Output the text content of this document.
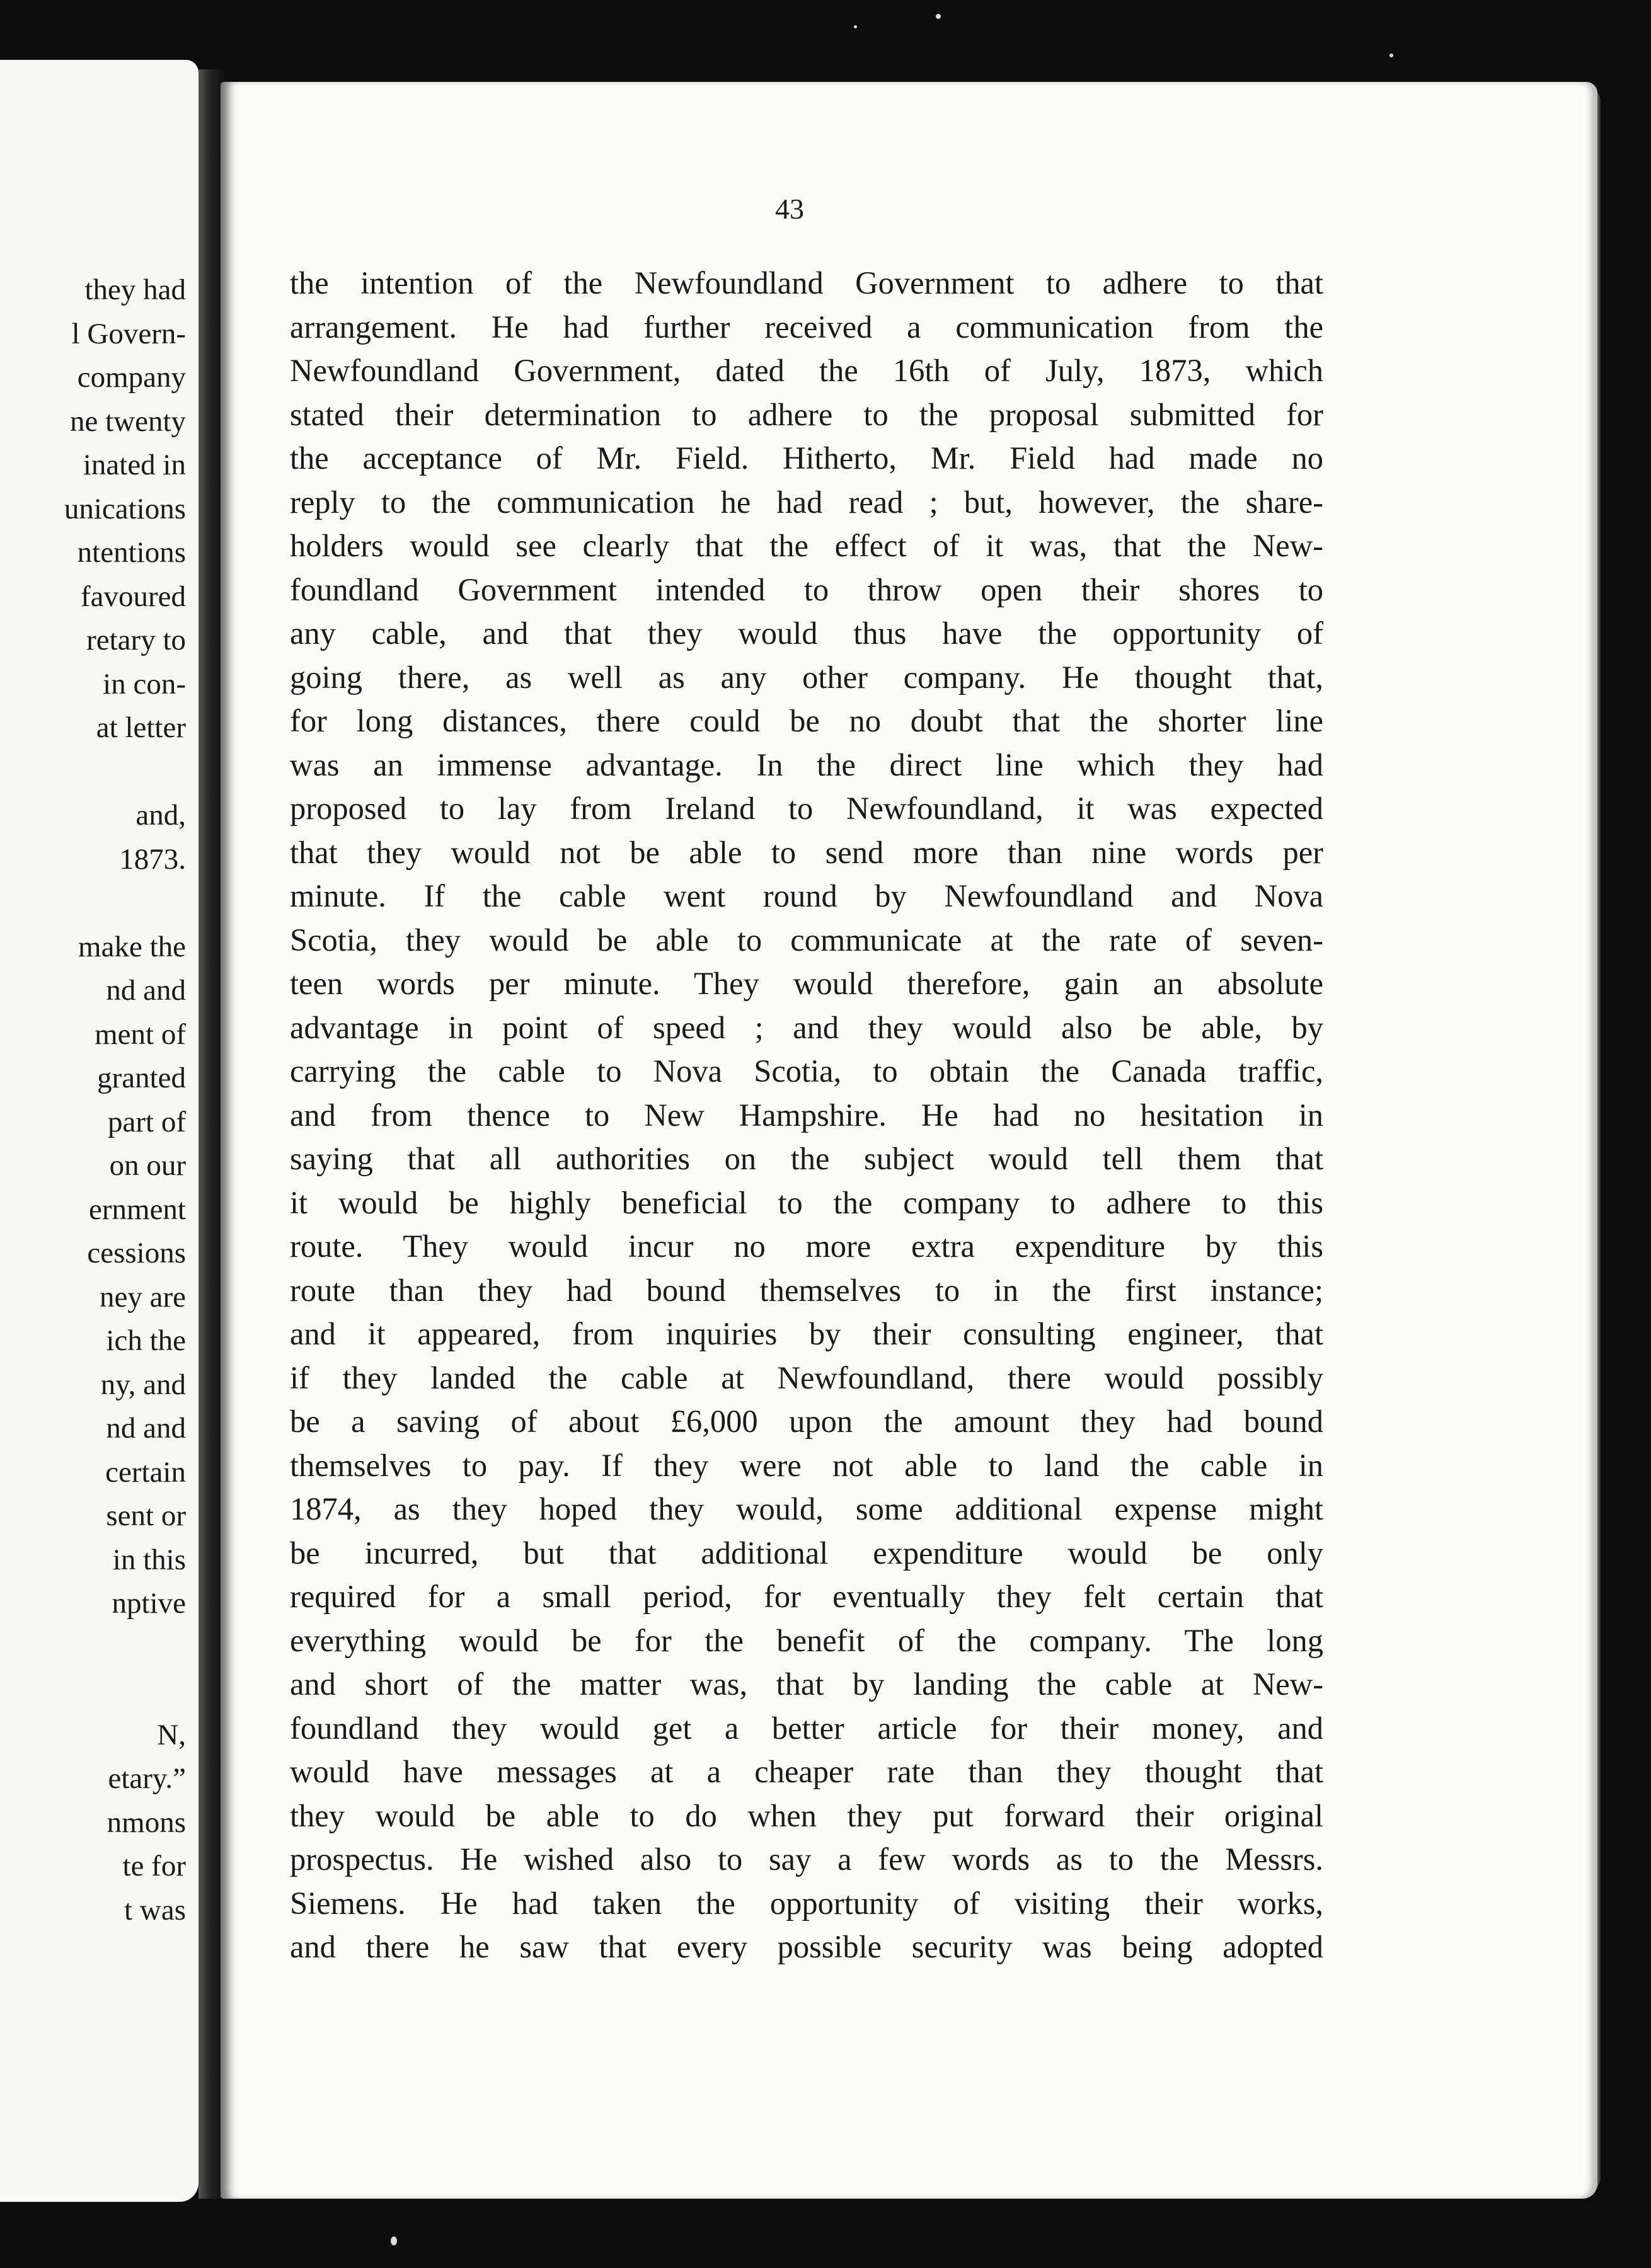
they had
l Govern-
company
ne twenty
inated in
unications
ntentions
favoured
retary to
in con-
at letter
and,
1873.
make the
nd and
ment of
granted
part of
on our
ernment
cessions
ney are
ich the
ny, and
nd and
certain
sent or
in this
nptive
N,
etary.”
nmons
te for
t was
43
the intention of the Newfoundland Government to adhere to that
arrangement. He had further received a communication from the
Newfoundland Government, dated the 16th of July, 1873, which
stated their determination to adhere to the proposal submitted for
the acceptance of Mr. Field. Hitherto, Mr. Field had made no
reply to the communication he had read ; but, however, the share-
holders would see clearly that the effect of it was, that the New-
foundland Government intended to throw open their shores to
any cable, and that they would thus have the opportunity of
going there, as well as any other company. He thought that,
for long distances, there could be no doubt that the shorter line
was an immense advantage. In the direct line which they had
proposed to lay from Ireland to Newfoundland, it was expected
that they would not be able to send more than nine words per
minute. If the cable went round by Newfoundland and Nova
Scotia, they would be able to communicate at the rate of seven-
teen words per minute. They would therefore, gain an absolute
advantage in point of speed ; and they would also be able, by
carrying the cable to Nova Scotia, to obtain the Canada traffic,
and from thence to New Hampshire. He had no hesitation in
saying that all authorities on the subject would tell them that
it would be highly beneficial to the company to adhere to this
route. They would incur no more extra expenditure by this
route than they had bound themselves to in the first instance;
and it appeared, from inquiries by their consulting engineer, that
if they landed the cable at Newfoundland, there would possibly
be a saving of about £6,000 upon the amount they had bound
themselves to pay. If they were not able to land the cable in
1874, as they hoped they would, some additional expense might
be incurred, but that additional expenditure would be only
required for a small period, for eventually they felt certain that
everything would be for the benefit of the company. The long
and short of the matter was, that by landing the cable at New-
foundland they would get a better article for their money, and
would have messages at a cheaper rate than they thought that
they would be able to do when they put forward their original
prospectus. He wished also to say a few words as to the Messrs.
Siemens. He had taken the opportunity of visiting their works,
and there he saw that every possible security was being adopted
